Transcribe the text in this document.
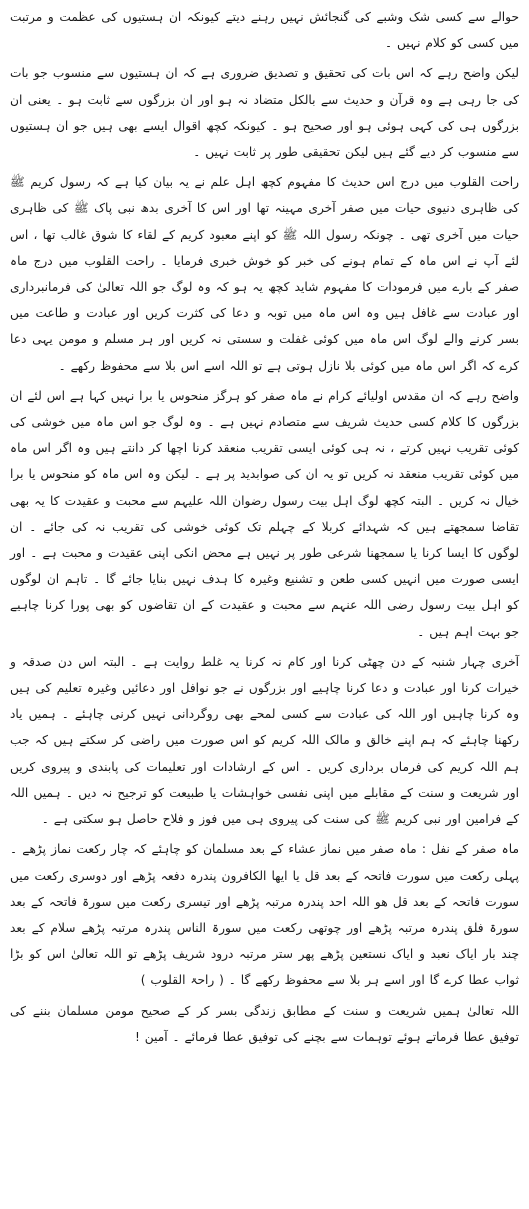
حوالے سے کسی شک وشبے کی گنجائش نہیں رہنے دیتے کیونکہ ان ہستیوں کی عظمت و مرتبت میں کسی کو کلام نہیں ۔

لیکن واضح رہے کہ اس بات کی تحقیق و تصدیق ضروری ہے کہ ان ہستیوں سے منسوب جو بات کی جا رہی ہے وہ قرآن و حدیث سے بالکل متضاد نہ ہو اور ان بزرگوں سے ثابت ہو ۔ یعنی ان بزرگوں ہی کی کہی ہوئی ہو اور صحیح ہو ۔ کیونکہ کچھ اقوال ایسے بھی ہیں جو ان ہستیوں سے منسوب کر دیے گئے ہیں لیکن تحقیقی طور پر ثابت نہیں ۔

راحت القلوب میں درج اس حدیث کا مفہوم کچھ اہل علم نے یہ بیان کیا ہے کہ رسول کریم ﷺ کی ظاہری دنیوی حیات میں صفر آخری مہینہ تھا اور اس کا آخری بدھ نبی پاک ﷺ کی ظاہری حیات میں آخری تھی ۔ چونکہ رسول اللہ ﷺ کو اپنے معبود کریم کے لقاء کا شوق غالب تھا ، اس لئے آپ نے اس ماہ کے تمام ہونے کی خبر کو خوش خبری فرمایا ۔ راحت القلوب میں درج ماہ صفر کے بارے میں فرمودات کا مفہوم شاید کچھ یہ ہو کہ وہ لوگ جو اللہ تعالیٰ کی فرمانبرداری اور عبادت سے غافل ہیں وہ اس ماہ میں توبہ و دعا کی کثرت کریں اور عبادت و طاعت میں بسر کرنے والے لوگ اس ماہ میں کوئی غفلت و سستی نہ کریں اور ہر مسلم و مومن یہی دعا کرے کہ اگر اس ماہ میں کوئی بلا نازل ہوتی ہے تو اللہ اسے اس بلا سے محفوظ رکھے ۔

واضح رہے کہ ان مقدس اولیائے کرام نے ماہ صفر کو ہرگز منحوس یا برا نہیں کہا ہے اس لئے ان بزرگوں کا کلام کسی حدیث شریف سے متصادم نہیں ہے ۔ وہ لوگ جو اس ماہ میں خوشی کی کوئی تقریب نہیں کرتے ، نہ ہی کوئی ایسی تقریب منعقد کرنا اچھا کر دانتے ہیں وہ اگر اس ماہ میں کوئی تقریب منعقد نہ کریں تو یہ ان کی صوابدید پر ہے ۔ لیکن وہ اس ماہ کو منحوس یا برا خیال نہ کریں ۔ البتہ کچھ لوگ اہل بیت رسول رضوان اللہ علیہم سے محبت و عقیدت کا یہ بھی تقاضا سمجھتے ہیں کہ شہدائے کربلا کے چہلم تک کوئی خوشی کی تقریب نہ کی جائے ۔ ان لوگوں کا ایسا کرنا یا سمجھنا شرعی طور پر نہیں ہے محض انکی اپنی عقیدت و محبت ہے ۔ اور ایسی صورت میں انہیں کسی طعن و تشنیع وغیرہ کا ہدف نہیں بنایا جائے گا ۔ تاہم ان لوگوں کو اہل بیت رسول رضی اللہ عنہم سے محبت و عقیدت کے ان تقاضوں کو بھی پورا کرنا چاہیے جو بہت اہم ہیں ۔

آخری چہار شنبہ کے دن چھٹی کرنا اور کام نہ کرنا یہ غلط روایت ہے ۔ البتہ اس دن صدقہ و خیرات کرنا اور عبادت و دعا کرنا چاہیے اور بزرگوں نے جو نوافل اور دعائیں وغیرہ تعلیم کی ہیں وہ کرنا چاہیں اور اللہ کی عبادت سے کسی لمحے بھی روگردانی نہیں کرنی چاہئے ۔ ہمیں یاد رکھنا چاہئے کہ ہم اپنے خالق و مالک اللہ کریم کو اس صورت میں راضی کر سکتے ہیں کہ جب ہم اللہ کریم کی فرماں برداری کریں ۔ اس کے ارشادات اور تعلیمات کی پابندی و پیروی کریں اور شریعت و سنت کے مقابلے میں اپنی نفسی خواہشات یا طبیعت کو ترجیح نہ دیں ۔ ہمیں اللہ کے فرامین اور نبی کریم ﷺ کی سنت کی پیروی ہی میں فوز و فلاح حاصل ہو سکتی ہے ۔

ماہ صفر کے نفل : ماہ صفر میں نماز عشاء کے بعد مسلمان کو چاہئے کہ چار رکعت نماز پڑھے ۔ پہلی رکعت میں سورت فاتحہ کے بعد قل یا ایھا الکافرون پندرہ دفعہ پڑھے اور دوسری رکعت میں سورت فاتحہ کے بعد قل ھو اللہ احد پندرہ مرتبہ پڑھے اور تیسری رکعت میں سورۃ فاتحہ کے بعد سورۃ فلق پندرہ مرتبہ پڑھے اور چوتھی رکعت میں سورۃ الناس پندرہ مرتبہ پڑھے سلام کے بعد چند بار ایاک نعبد و ایاک نستعین پڑھے پھر ستر مرتبہ درود شریف پڑھے تو اللہ تعالیٰ اس کو بڑا ثواب عطا کرے گا اور اسے ہر بلا سے محفوظ رکھے گا ۔ ( راحۃ القلوب )

اللہ تعالیٰ ہمیں شریعت و سنت کے مطابق زندگی بسر کر کے صحیح مومن مسلمان بننے کی توفیق عطا فرماتے ہوئے توہمات سے بچنے کی توفیق عطا فرمائے ۔ آمین !
